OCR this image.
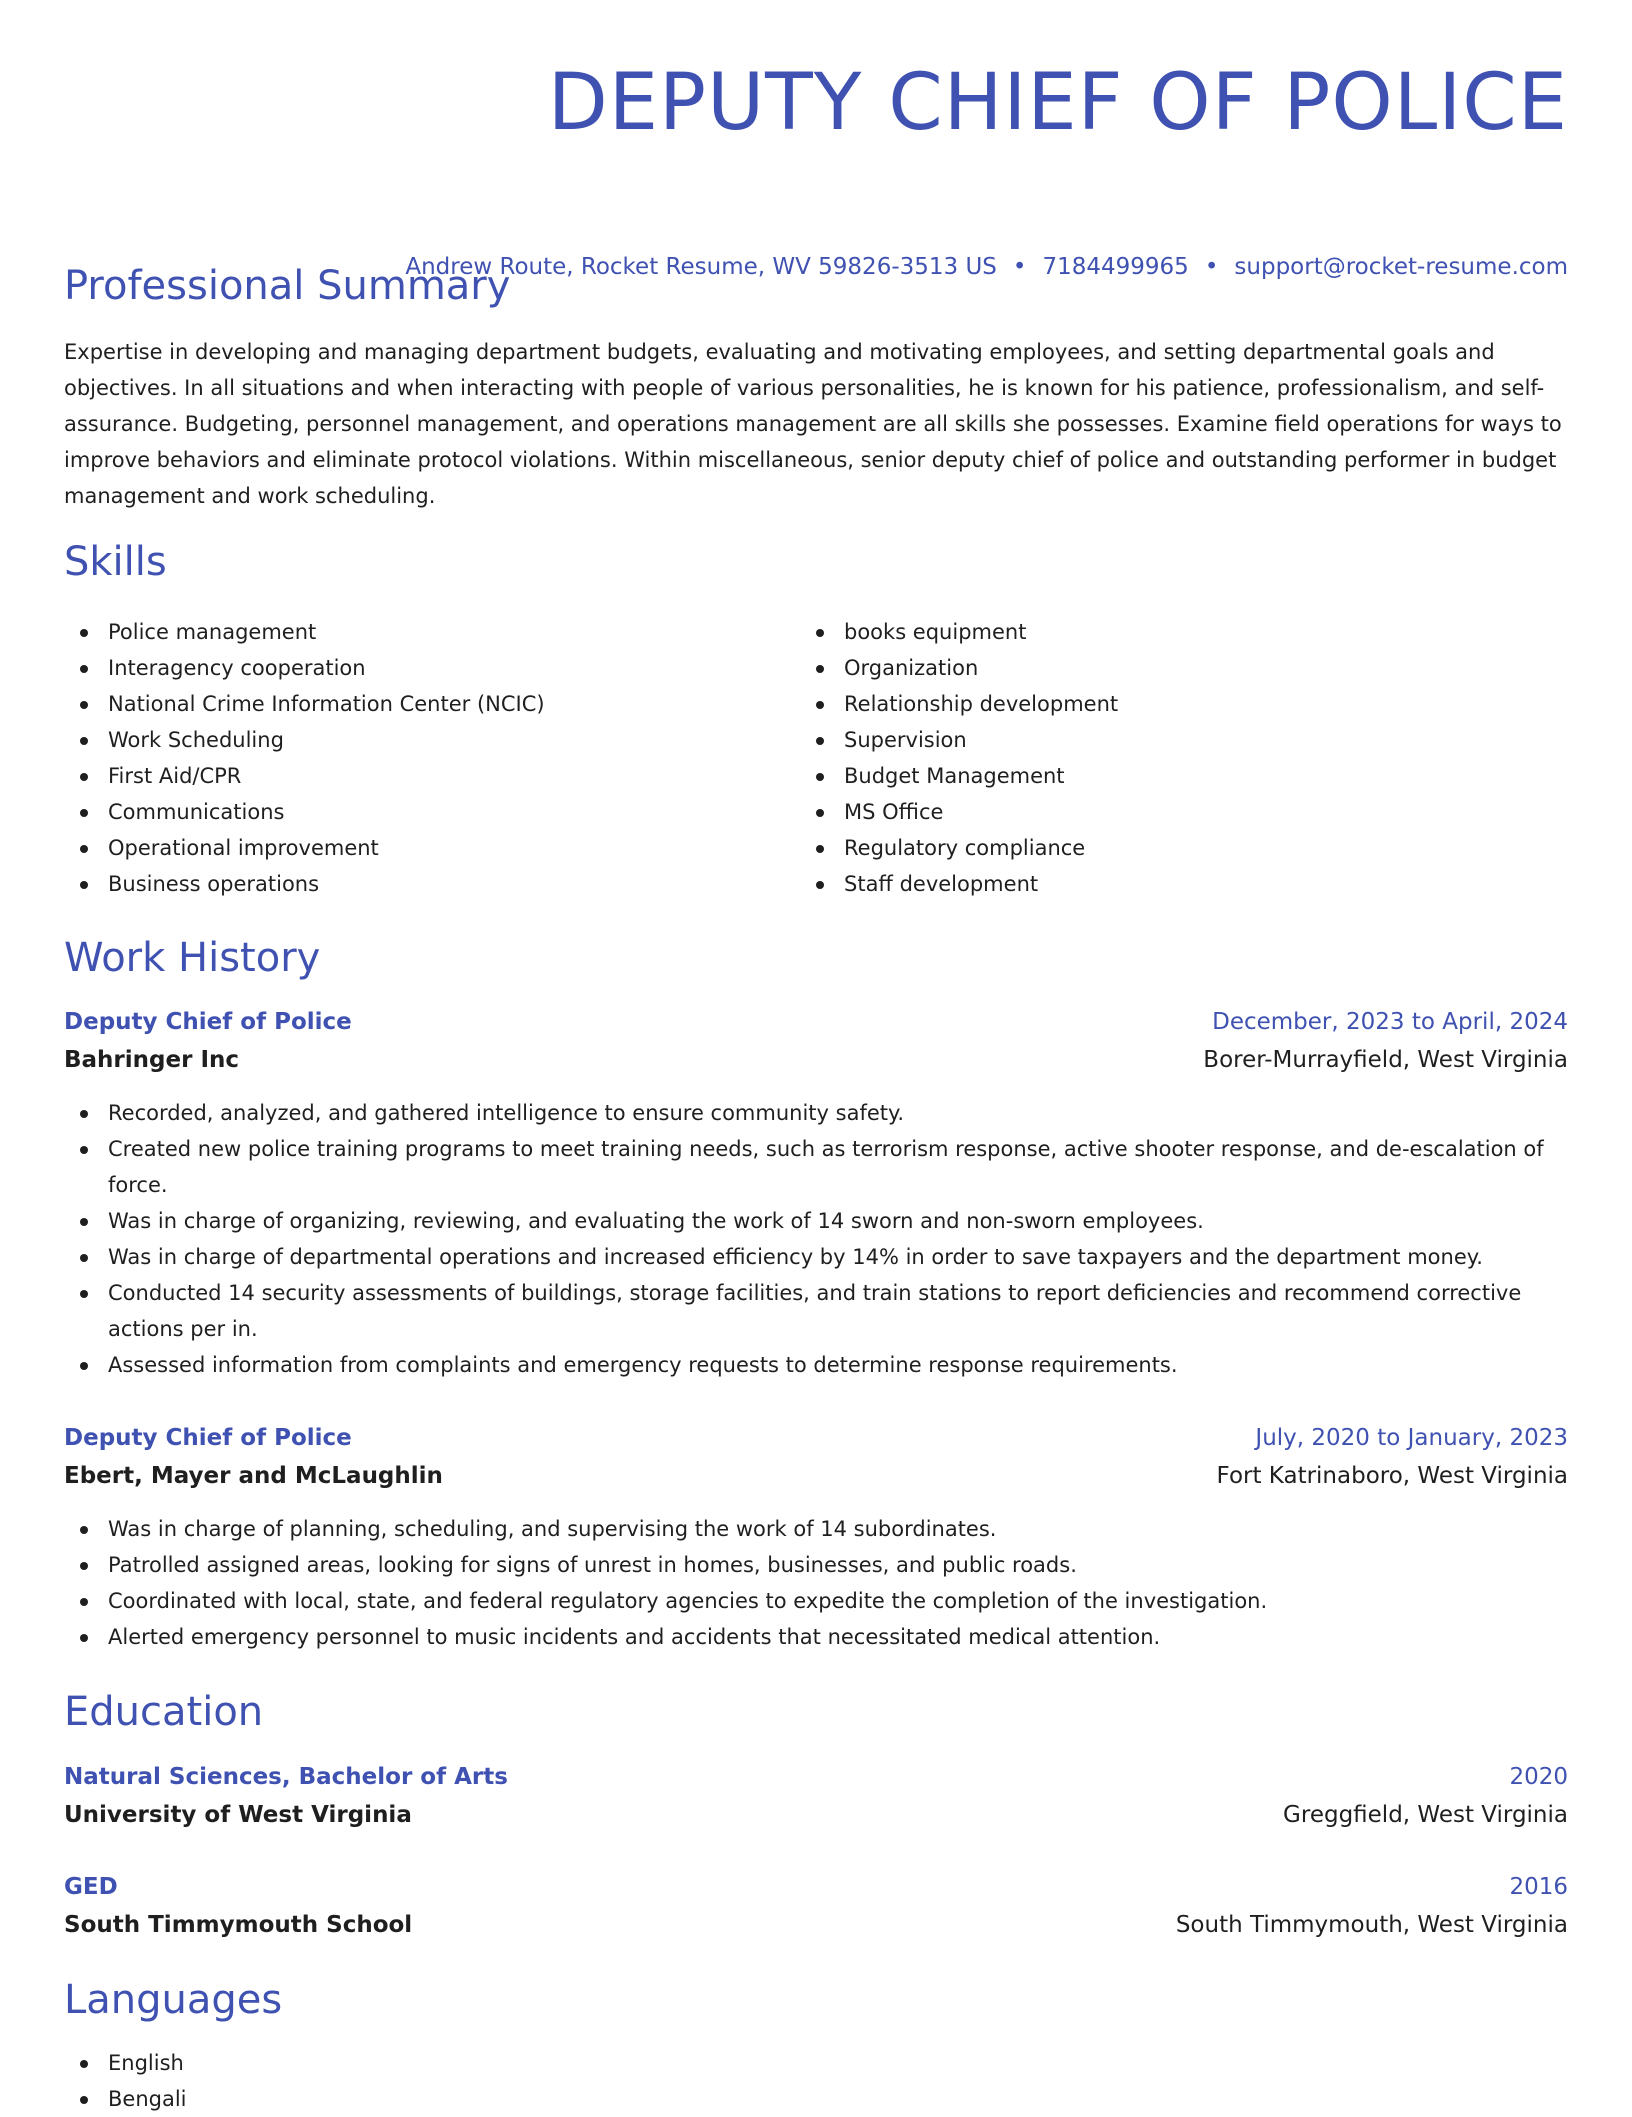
DEPUTY CHIEF OF POLICE
Andrew Route, Rocket Resume, WV 59826-3513 US • 7184499965 • support@rocket-resume.com
Professional Summary

Expertise in developing and managing department budgets, evaluating and motivating employees, and setting departmental goals and objectives. In all situations and when interacting with people of various personalities, he is known for his patience, professionalism, and self-assurance. Budgeting, personnel management, and operations management are all skills she possesses. Examine field operations for ways to improve behaviors and eliminate protocol violations. Within miscellaneous, senior deputy chief of police and outstanding performer in budget management and work scheduling.

Skills
Police management
Interagency cooperation
National Crime Information Center (NCIC)
Work Scheduling
First Aid/CPR
Communications
Operational improvement
Business operations
books equipment
Organization
Relationship development
Supervision
Budget Management
MS Office
Regulatory compliance
Staff development
Work History
Deputy Chief of Police	December, 2023 to April, 2024
Bahringer Inc	Borer-Murrayfield, West Virginia
Recorded, analyzed, and gathered intelligence to ensure community safety.
Created new police training programs to meet training needs, such as terrorism response, active shooter response, and de-escalation of force.
Was in charge of organizing, reviewing, and evaluating the work of 14 sworn and non-sworn employees.
Was in charge of departmental operations and increased efficiency by 14% in order to save taxpayers and the department money.
Conducted 14 security assessments of buildings, storage facilities, and train stations to report deficiencies and recommend corrective actions per in.
Assessed information from complaints and emergency requests to determine response requirements.
Deputy Chief of Police	July, 2020 to January, 2023
Ebert, Mayer and McLaughlin	Fort Katrinaboro, West Virginia
Was in charge of planning, scheduling, and supervising the work of 14 subordinates.
Patrolled assigned areas, looking for signs of unrest in homes, businesses, and public roads.
Coordinated with local, state, and federal regulatory agencies to expedite the completion of the investigation.
Alerted emergency personnel to music incidents and accidents that necessitated medical attention.
Education
Natural Sciences, Bachelor of Arts	2020
University of West Virginia	Greggfield, West Virginia
GED	2016
South Timmymouth School	South Timmymouth, West Virginia
Languages
English
Bengali
